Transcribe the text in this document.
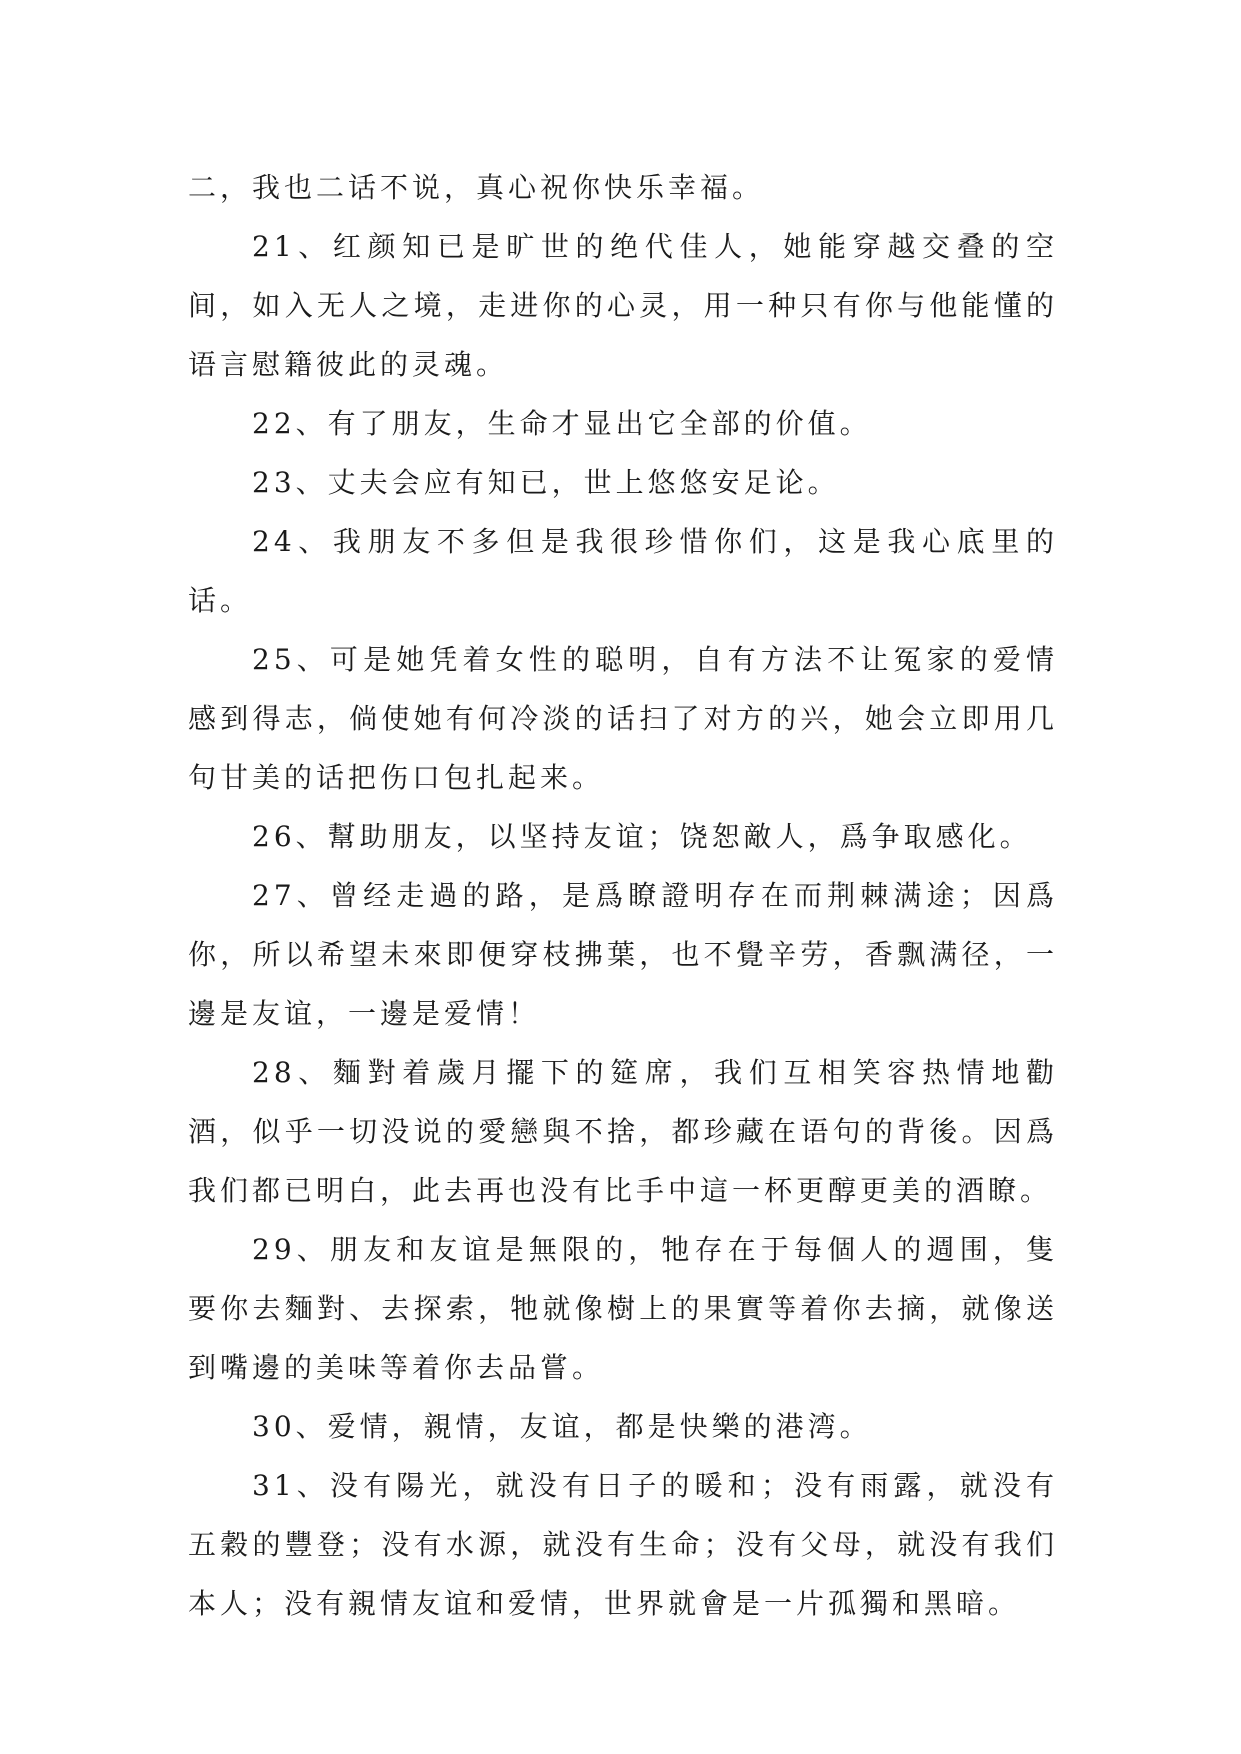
二，我也二话不说，真心祝你快乐幸福。

21、红颜知已是旷世的绝代佳人，她能穿越交叠的空间，如入无人之境，走进你的心灵，用一种只有你与他能懂的语言慰籍彼此的灵魂。

22、有了朋友，生命才显出它全部的价值。

23、丈夫会应有知已，世上悠悠安足论。

24、我朋友不多但是我很珍惜你们，这是我心底里的话。

25、可是她凭着女性的聪明，自有方法不让冤家的爱情感到得志，倘使她有何冷淡的话扫了对方的兴，她会立即用几句甘美的话把伤口包扎起来。

26、幫助朋友，以坚持友谊；饶恕敵人，爲争取感化。

27、曾经走過的路，是爲瞭證明存在而荆棘满途；因爲你，所以希望未來即便穿枝拂葉，也不覺辛劳，香飘满径，一邊是友谊，一邊是爱情！

28、麵對着歲月擺下的筵席，我们互相笑容热情地勸酒，似乎一切没说的愛戀與不捨，都珍藏在语句的背後。因爲我们都已明白，此去再也没有比手中這一杯更醇更美的酒瞭。

29、朋友和友谊是無限的，牠存在于每個人的週围，隻要你去麵對、去探索，牠就像樹上的果實等着你去摘，就像送到嘴邊的美味等着你去品嘗。

30、爱情，親情，友谊，都是快樂的港湾。

31、没有陽光，就没有日子的暖和；没有雨露，就没有五穀的豐登；没有水源，就没有生命；没有父母，就没有我们本人；没有親情友谊和爱情，世界就會是一片孤獨和黑暗。
